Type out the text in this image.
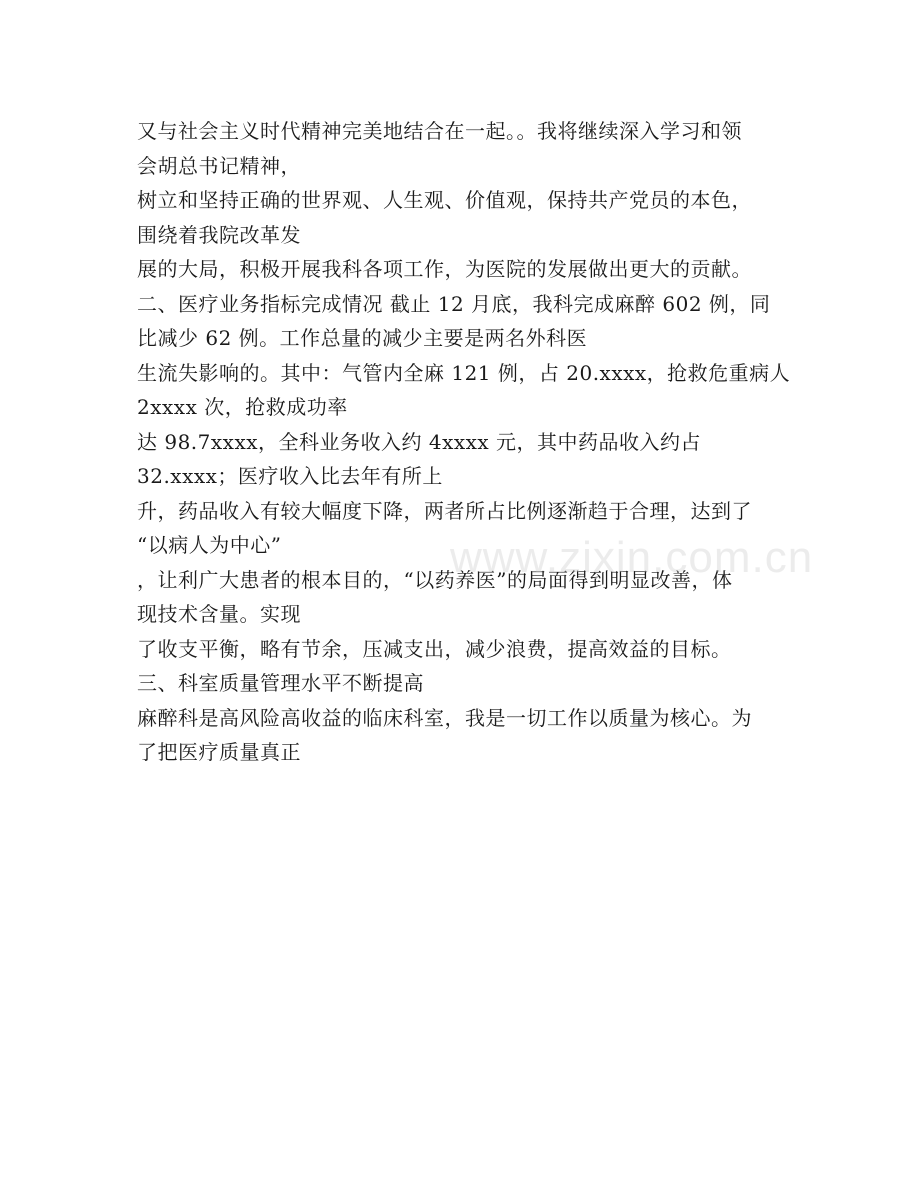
又与社会主义时代精神完美地结合在一起。。我将继续深入学习和领
会胡总书记精神，
树立和坚持正确的世界观、人生观、价值观，保持共产党员的本色，
围绕着我院改革发
展的大局，积极开展我科各项工作，为医院的发展做出更大的贡献。
二、医疗业务指标完成情况 截止 12 月底，我科完成麻醉 602 例，同
比减少 62 例。工作总量的减少主要是两名外科医
生流失影响的。其中：气管内全麻 121 例，占 20.xxxx，抢救危重病人
2xxxx 次，抢救成功率
达 98.7xxxx，全科业务收入约 4xxxx 元，其中药品收入约占
32.xxxx；医疗收入比去年有所上
升，药品收入有较大幅度下降，两者所占比例逐渐趋于合理，达到了
“以病人为中心”
，让利广大患者的根本目的，“以药养医”的局面得到明显改善，体
现技术含量。实现
了收支平衡，略有节余，压减支出，减少浪费，提高效益的目标。
三、科室质量管理水平不断提高
麻醉科是高风险高收益的临床科室，我是一切工作以质量为核心。为
了把医疗质量真正
www.zixin.com.cn
